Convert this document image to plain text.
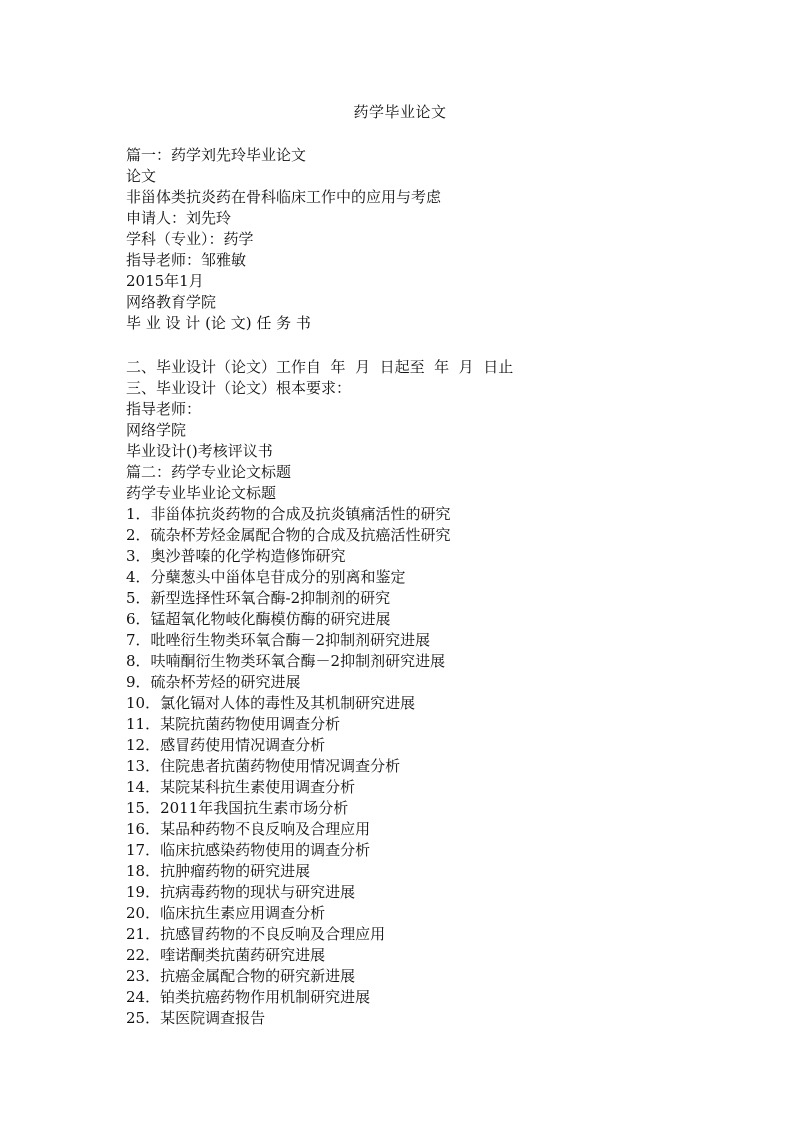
药学毕业论文
篇一：药学刘先玲毕业论文
论文
非甾体类抗炎药在骨科临床工作中的应用与考虑
申请人：刘先玲
学科（专业）：药学
指导老师：邹雅敏
2015年1月
网络教育学院
毕 业 设 计 (论 文) 任 务 书
二、毕业设计（论文）工作自  年  月  日起至  年  月  日止
三、毕业设计（论文）根本要求：
指导老师：
网络学院
毕业设计()考核评议书
篇二：药学专业论文标题
药学专业毕业论文标题
1．非甾体抗炎药物的合成及抗炎镇痛活性的研究
2．硫杂杯芳烃金属配合物的合成及抗癌活性研究
3．奥沙普嗪的化学构造修饰研究
4．分蘖葱头中甾体皂苷成分的别离和鉴定
5．新型选择性环氧合酶-2抑制剂的研究
6．锰超氧化物岐化酶模仿酶的研究进展
7．吡唑衍生物类环氧合酶－2抑制剂研究进展
8．呋喃酮衍生物类环氧合酶－2抑制剂研究进展
9．硫杂杯芳烃的研究进展
10．氯化镉对人体的毒性及其机制研究进展
11．某院抗菌药物使用调查分析
12．感冒药使用情况调查分析
13．住院患者抗菌药物使用情况调查分析
14．某院某科抗生素使用调查分析
15．2011年我国抗生素市场分析
16．某品种药物不良反响及合理应用
17．临床抗感染药物使用的调查分析
18．抗肿瘤药物的研究进展
19．抗病毒药物的现状与研究进展
20．临床抗生素应用调查分析
21．抗感冒药物的不良反响及合理应用
22．喹诺酮类抗菌药研究进展
23．抗癌金属配合物的研究新进展
24．铂类抗癌药物作用机制研究进展
25．某医院调查报告
